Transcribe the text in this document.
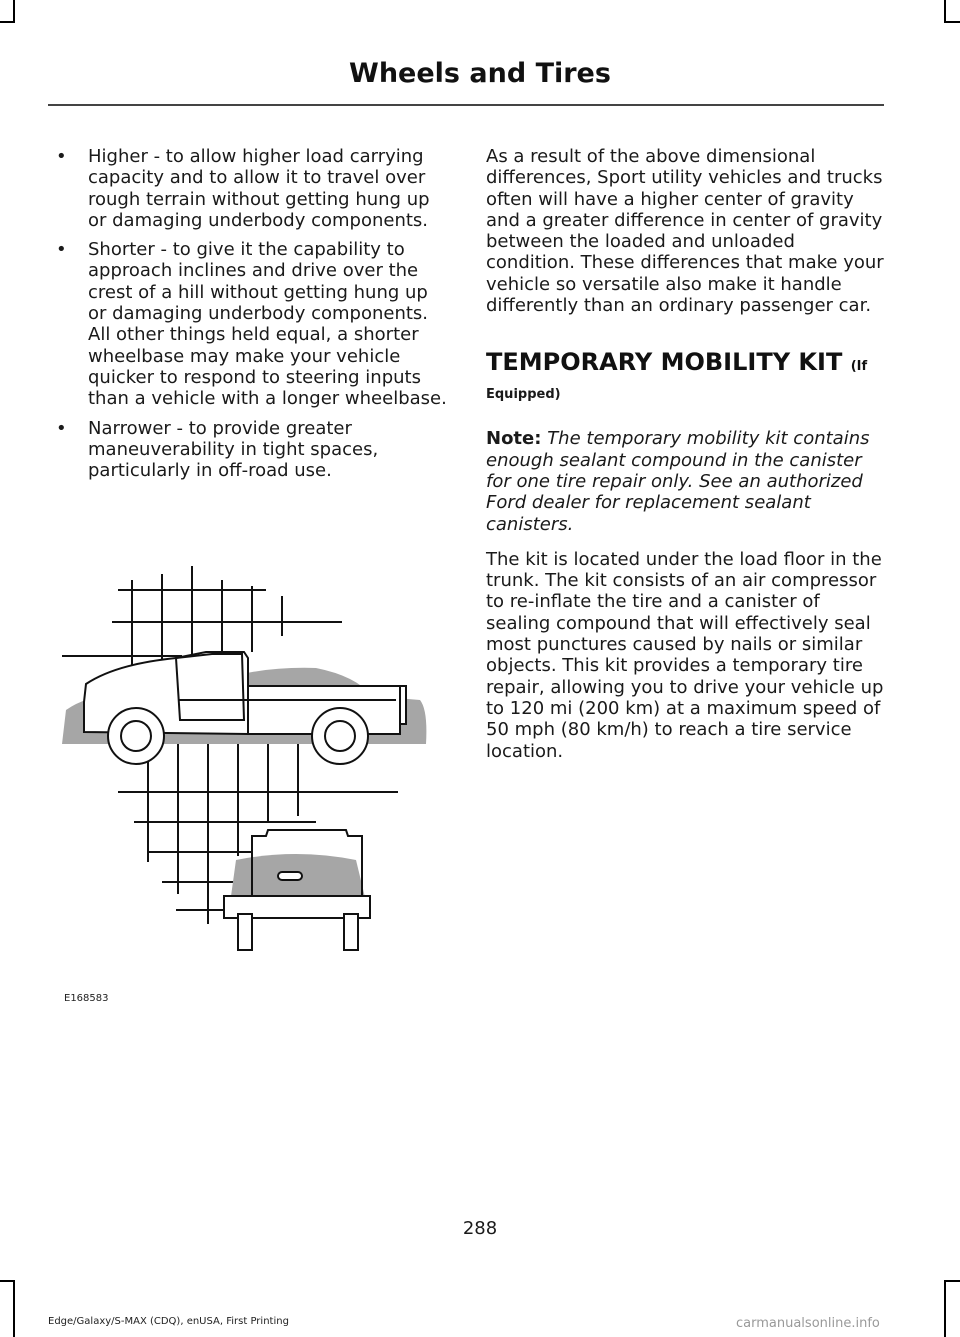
Wheels and Tires
•	Higher - to allow higher load carrying capacity and to allow it to travel over rough terrain without getting hung up or damaging underbody components.
•	Shorter - to give it the capability to approach inclines and drive over the crest of a hill without getting hung up or damaging underbody components. All other things held equal, a shorter wheelbase may make your vehicle quicker to respond to steering inputs than a vehicle with a longer wheelbase.
•	Narrower - to provide greater maneuverability in tight spaces, particularly in off-road use.
E168583

As a result of the above dimensional differences, Sport utility vehicles and trucks often will have a higher center of gravity and a greater difference in center of gravity between the loaded and unloaded condition. These differences that make your vehicle so versatile also make it handle differently than an ordinary passenger car.

TEMPORARY MOBILITY KIT (If
Equipped)

Note: The temporary mobility kit contains enough sealant compound in the canister for one tire repair only. See an authorized Ford dealer for replacement sealant canisters.

The kit is located under the load floor in the trunk. The kit consists of an air compressor to re-inflate the tire and a canister of sealing compound that will effectively seal most punctures caused by nails or similar objects. This kit provides a temporary tire repair, allowing you to drive your vehicle up to 120 mi (200 km) at a maximum speed of 50 mph (80 km/h) to reach a tire service location.

288
Edge/Galaxy/S-MAX (CDQ), enUSA, First Printing	carmanualsonline.info
